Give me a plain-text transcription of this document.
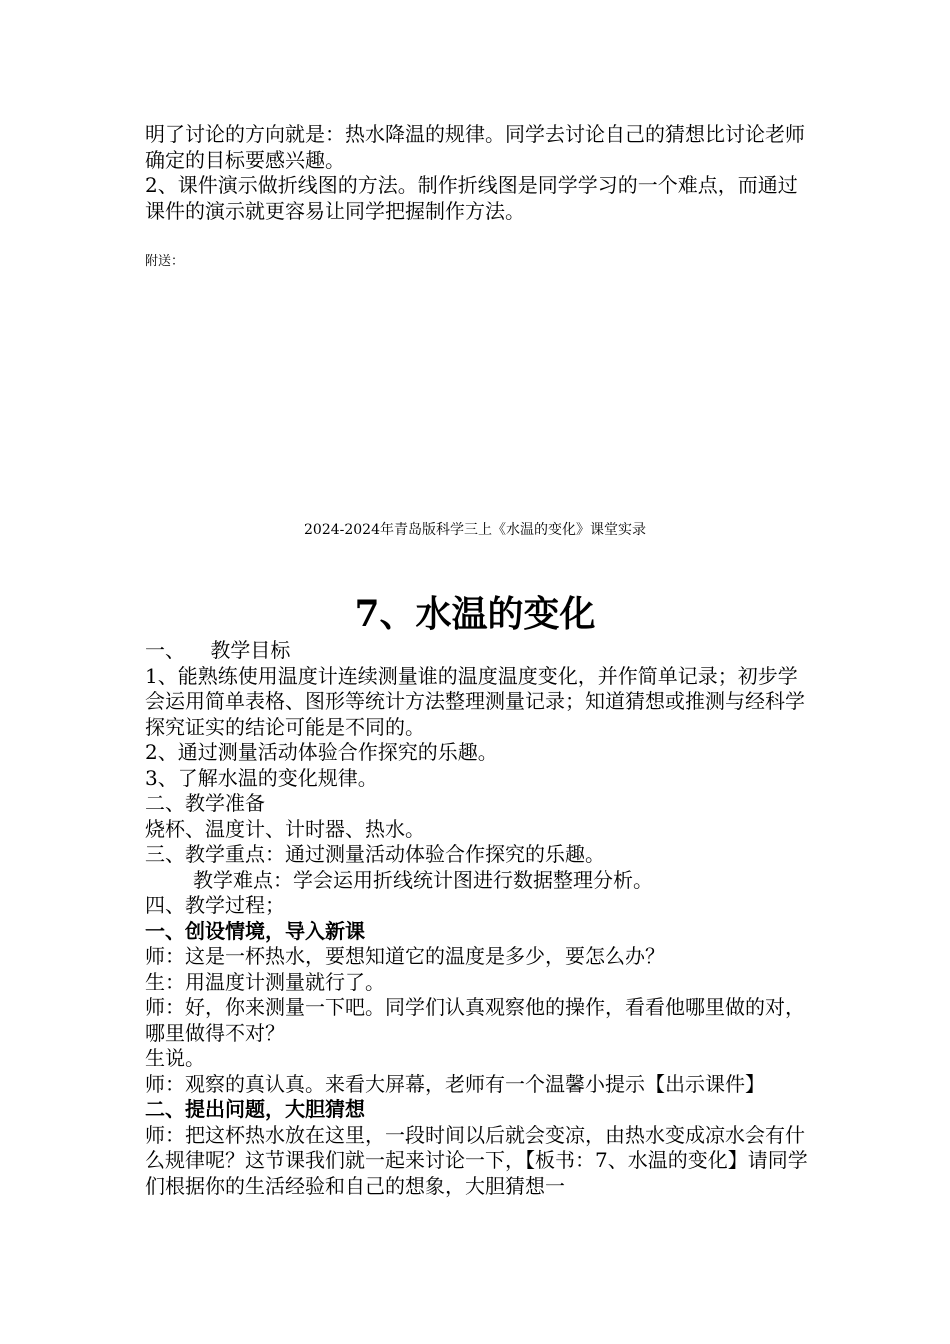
明了讨论的方向就是：热水降温的规律。同学去讨论自己的猜想比讨论老师确定的目标要感兴趣。

2、课件演示做折线图的方法。制作折线图是同学学习的一个难点，而通过课件的演示就更容易让同学把握制作方法。

附送：

2024-2024年青岛版科学三上《水温的变化》课堂实录

7、水温的变化

一、    教学目标

1、能熟练使用温度计连续测量谁的温度温度变化，并作简单记录；初步学会运用简单表格、图形等统计方法整理测量记录；知道猜想或推测与经科学探究证实的结论可能是不同的。

2、通过测量活动体验合作探究的乐趣。

3、了解水温的变化规律。

二、教学准备

烧杯、温度计、计时器、热水。

三、教学重点：通过测量活动体验合作探究的乐趣。

教学难点：学会运用折线统计图进行数据整理分析。

四、教学过程；

一、创设情境，导入新课

师：这是一杯热水，要想知道它的温度是多少，要怎么办？

生：用温度计测量就行了。

师：好，你来测量一下吧。同学们认真观察他的操作，看看他哪里做的对，哪里做得不对？

生说。

师：观察的真认真。来看大屏幕，老师有一个温馨小提示【出示课件】

二、提出问题，大胆猜想

师：把这杯热水放在这里，一段时间以后就会变凉，由热水变成凉水会有什么规律呢？这节课我们就一起来讨论一下，【板书：7、水温的变化】请同学们根据你的生活经验和自己的想象，大胆猜想一
